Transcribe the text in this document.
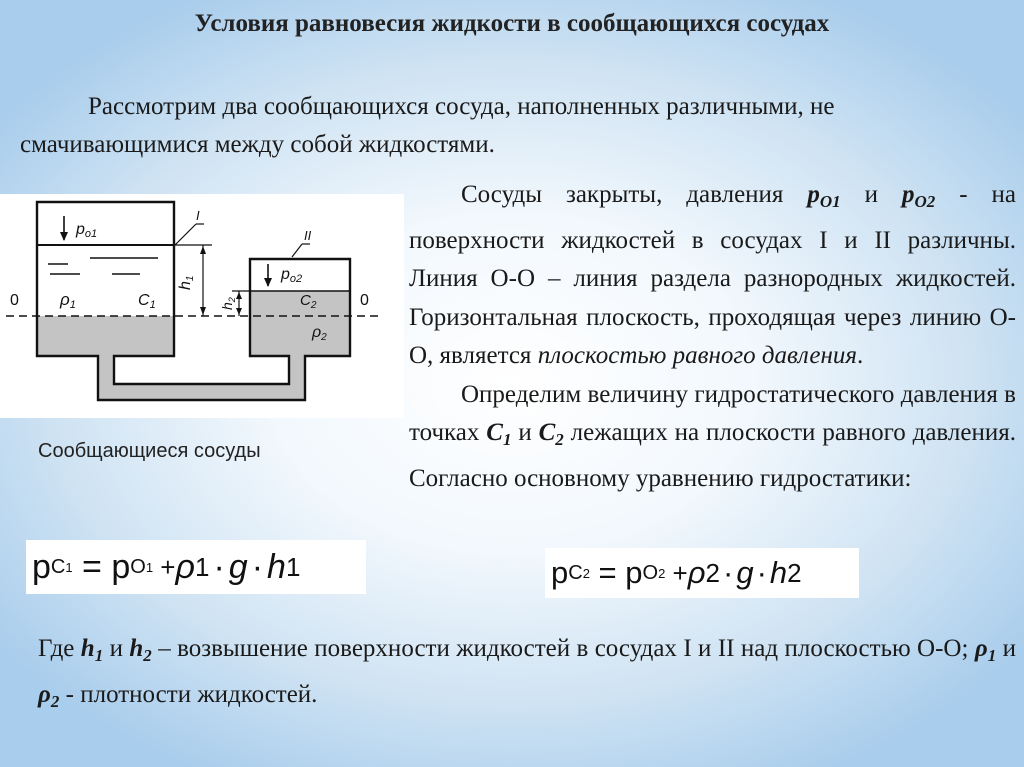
Условия равновесия жидкости в сообщающихся сосудах
Рассмотрим два сообщающихся сосуда, наполненных различными, не смачивающимися между собой жидкостями.
I
II
pо1
pо2
ρ1	C1	$C_2$
ρ2
h1
$h_2$
0	0
Сообщающиеся сосуды

Сосуды закрыты, давления $р_{O1}$ и $р_{O2}$ - на поверхности жидкостей в сосудах I и II различны. Линия О-О – линия раздела разнородных жидкостей. Горизонтальная плоскость, проходящая через линию О-О, является плоскостью равного давления.

Определим величину гидростатического давления в точках $C_1$ и $C_2$ лежащих на плоскости равного давления. Согласно основному уравнению гидростатики:

p C 1 = p O 1 + ρ 1 · g · h 1	p C 2 = p O 2 + ρ 2 · g · h 2
Где $h_1$ и $h_2$ – возвышение поверхности жидкостей в сосудах I и II над плоскостью О-О; $\rho_1$ и $\rho_2$ - плотности жидкостей.
